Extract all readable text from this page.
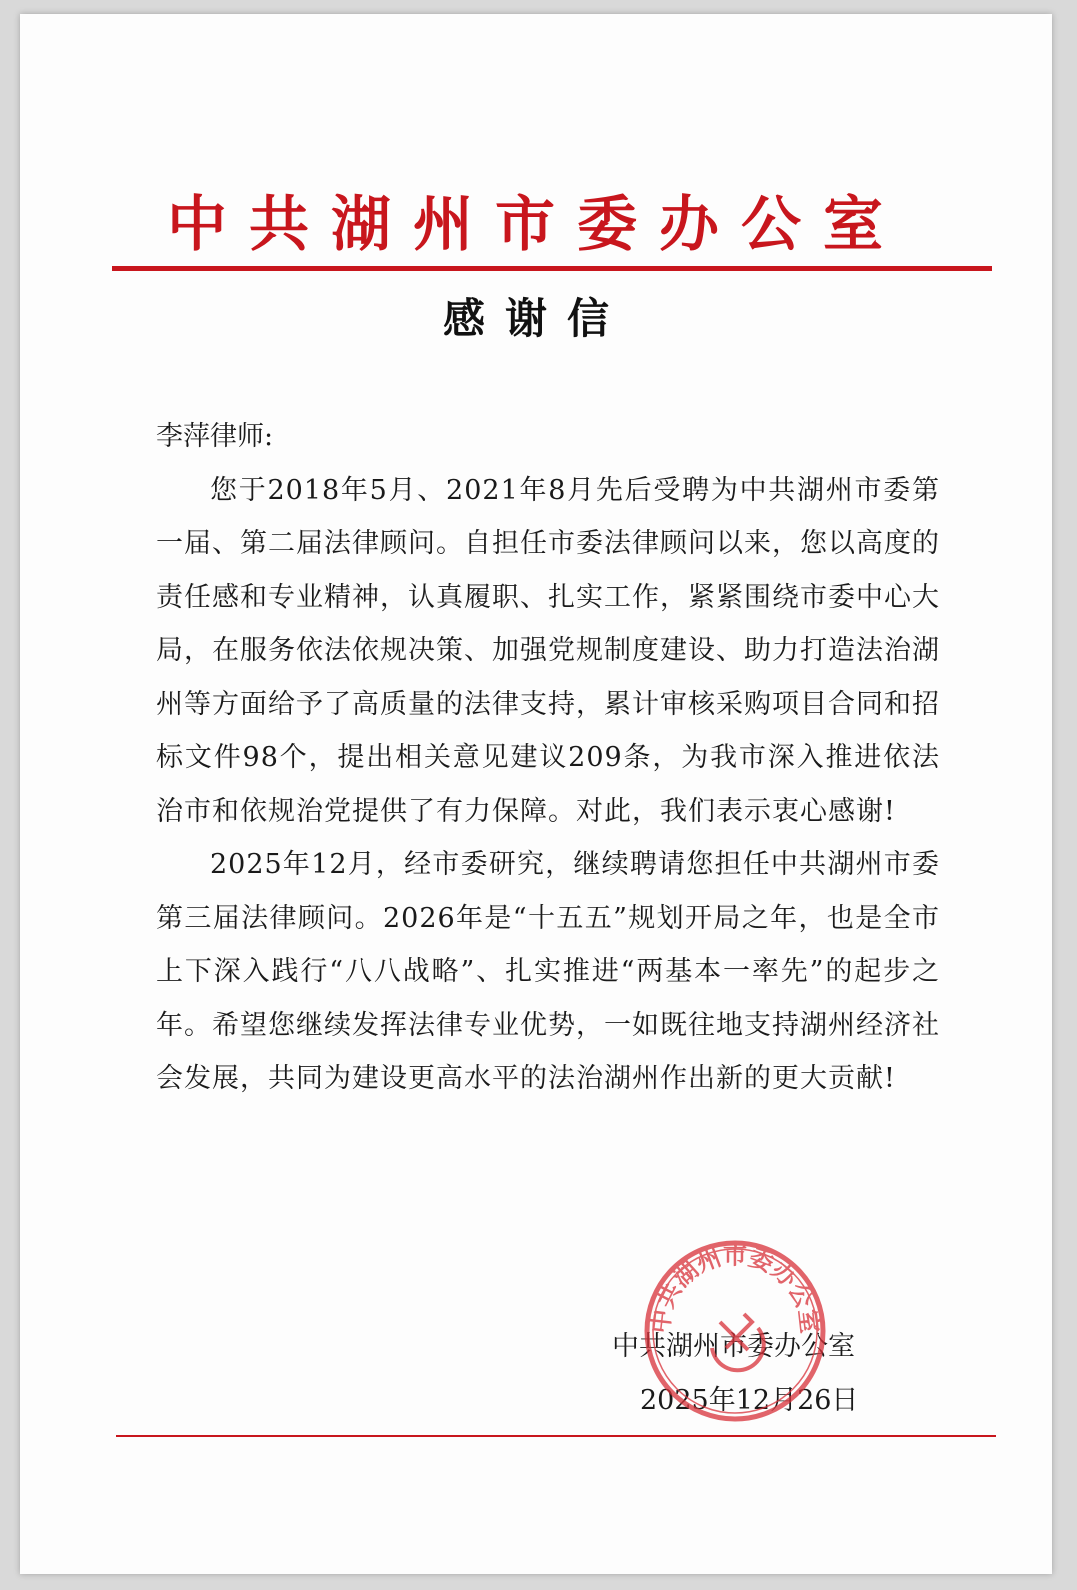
中共湖州市委办公室
感谢信

李萍律师:

您于2018年5月、2021年8月先后受聘为中共湖州市委第一届、第二届法律顾问。自担任市委法律顾问以来，您以高度的责任感和专业精神，认真履职、扎实工作，紧紧围绕市委中心大局，在服务依法依规决策、加强党规制度建设、助力打造法治湖州等方面给予了高质量的法律支持，累计审核采购项目合同和招标文件98个，提出相关意见建议209条，为我市深入推进依法治市和依规治党提供了有力保障。对此，我们表示衷心感谢!

2025年12月，经市委研究，继续聘请您担任中共湖州市委第三届法律顾问。2026年是“十五五”规划开局之年，也是全市上下深入践行“八八战略”、扎实推进“两基本一率先”的起步之年。希望您继续发挥法律专业优势，一如既往地支持湖州经济社会发展，共同为建设更高水平的法治湖州作出新的更大贡献!

中共湖州市委办公室
2025年12月26日
中共湖州市委办公室
